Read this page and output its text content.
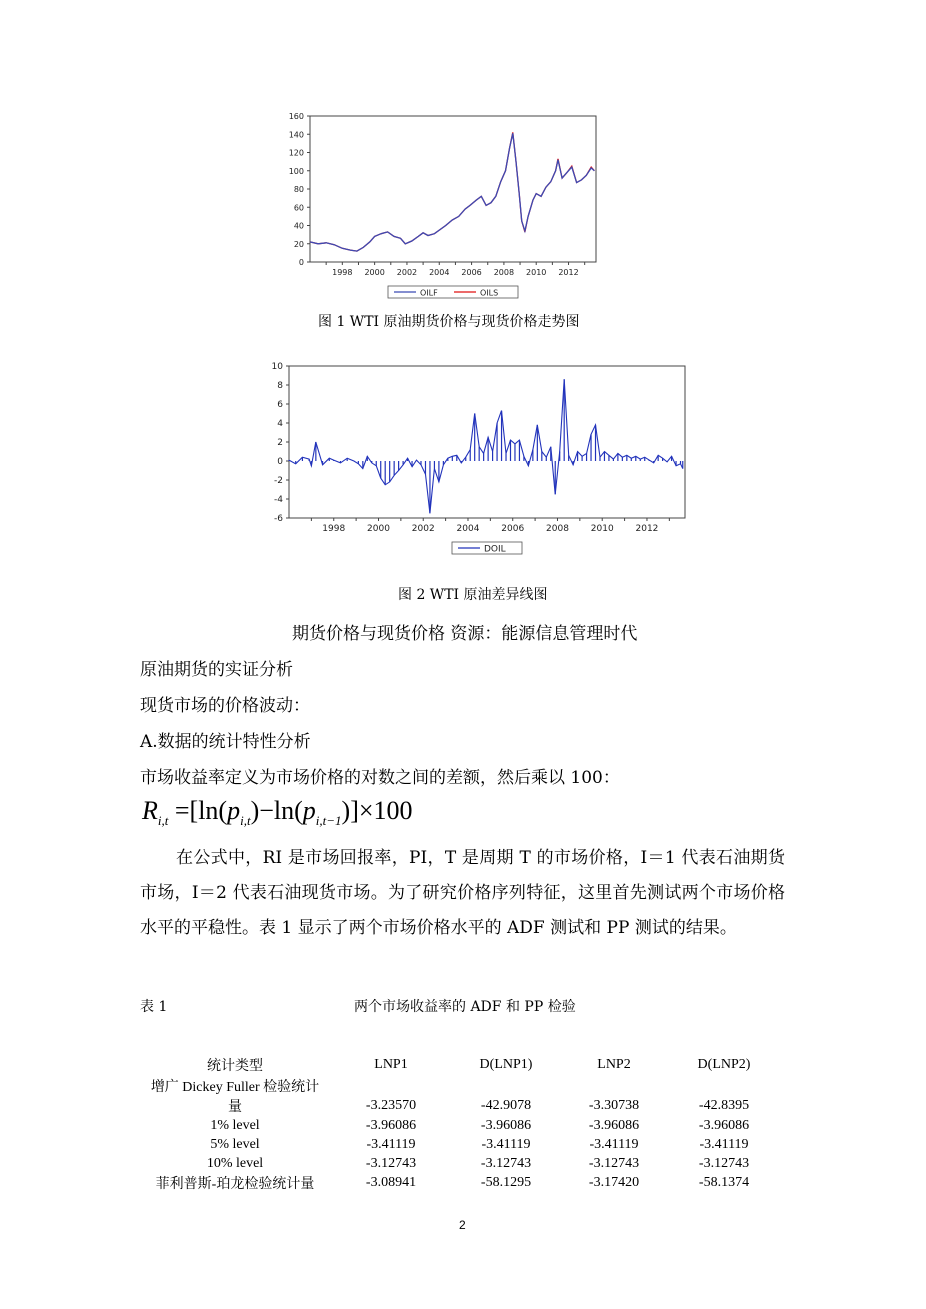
0
20
40
60
80
100
120
140
160
1998 2000 2002 2004 2006 2008 2010 2012
OILF	OILS
图 1 WTI 原油期货价格与现货价格走势图
-6
-4
-2
0
2
4
6
8
10
1998 2000 2002 2004 2006 2008 2010 2012
DOIL
图 2 WTI 原油差异线图
期货价格与现货价格 资源：能源信息管理时代
原油期货的实证分析
现货市场的价格波动：
A.数据的统计特性分析
市场收益率定义为市场价格的对数之间的差额，然后乘以 100：
$R_{i,t} =[\ln(p_{i,t})-\ln(p_{i,t-1})]\times 100$
在公式中，RI 是市场回报率，PI，T 是周期 T 的市场价格，I＝1 代表石油期货市场，I＝2 代表石油现货市场。为了研究价格序列特征，这里首先测试两个市场价格水平的平稳性。表 1 显示了两个市场价格水平的 ADF 测试和 PP 测试的结果。
表 1	两个市场收益率的 ADF 和 PP 检验
统计类型	LNP1	D(LNP1)	LNP2	D(LNP2)
增广 Dickey Fuller 检验统计				
量	-3.23570	-42.9078	-3.30738	-42.8395
1% level	-3.96086	-3.96086	-3.96086	-3.96086
5% level	-3.41119	-3.41119	-3.41119	-3.41119
10% level	-3.12743	-3.12743	-3.12743	-3.12743
菲利普斯-珀龙检验统计量	-3.08941	-58.1295	-3.17420	-58.1374
2
